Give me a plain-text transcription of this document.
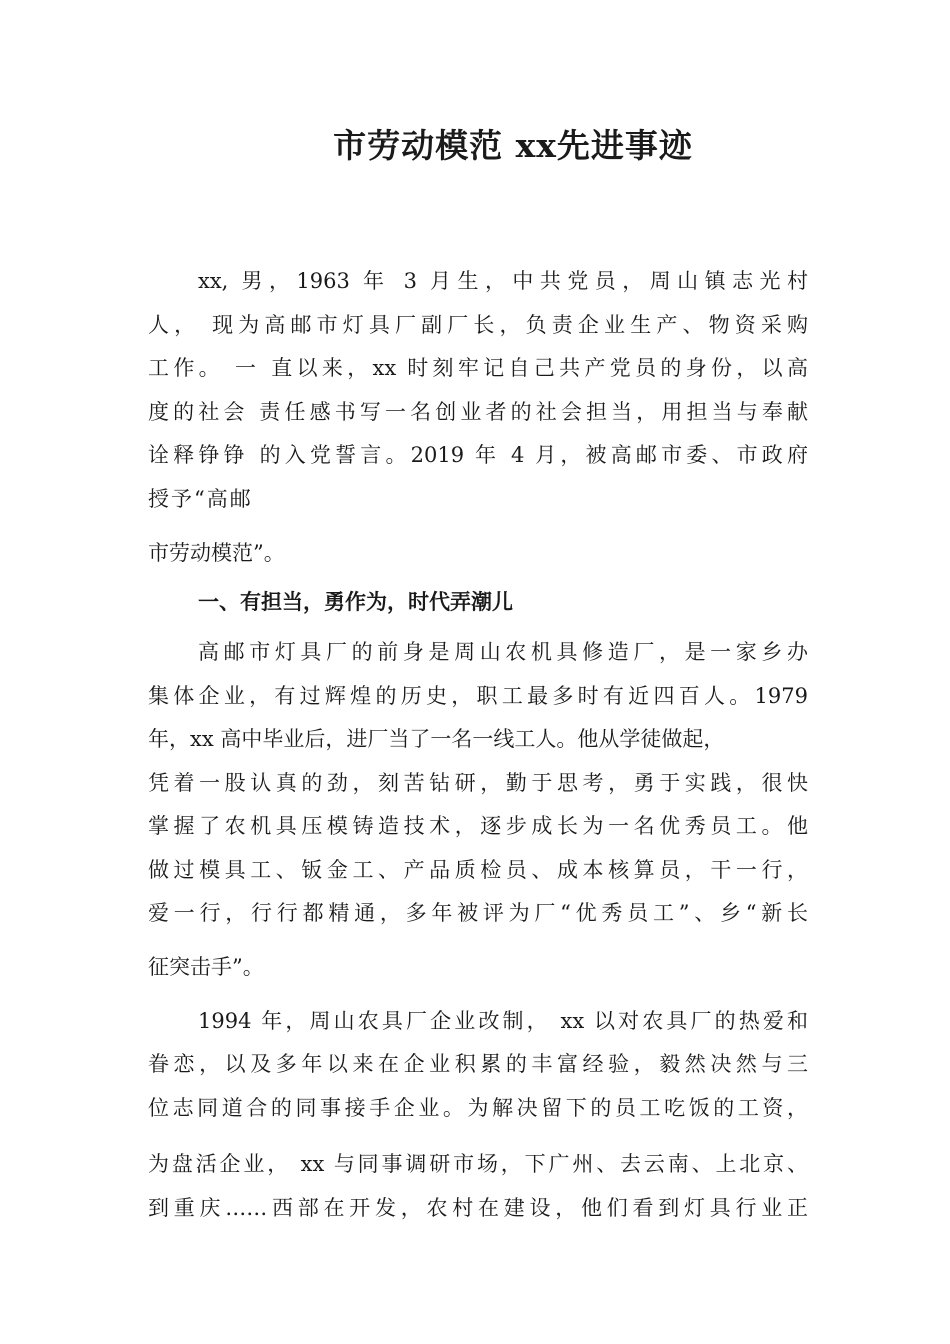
市劳动模范 xx先进事迹
xx, 男，1963 年 3 月生，中共党员，周山镇志光村
人， 现为高邮市灯具厂副厂长，负责企业生产、物资采购
工作。 一 直以来，xx 时刻牢记自己共产党员的身份，以高
度的社会 责任感书写一名创业者的社会担当，用担当与奉献
诠释铮铮 的入党誓言。2019 年 4 月，被高邮市委、市政府
授予“高邮
市劳动模范”。
一、有担当，勇作为，时代弄潮儿
高邮市灯具厂的前身是周山农机具修造厂，是一家乡办
集体企业，有过辉煌的历史，职工最多时有近四百人。1979
年，xx 高中毕业后，进厂当了一名一线工人。他从学徒做起，
凭着一股认真的劲，刻苦钻研，勤于思考，勇于实践，很快
掌握了农机具压模铸造技术，逐步成长为一名优秀员工。他
做过模具工、钣金工、产品质检员、成本核算员，干一行，
爱一行，行行都精通，多年被评为厂“优秀员工”、乡“新长
征突击手”。
1994 年，周山农具厂企业改制， xx 以对农具厂的热爱和
眷恋，以及多年以来在企业积累的丰富经验，毅然决然与三
位志同道合的同事接手企业。为解决留下的员工吃饭的工资，
为盘活企业， xx 与同事调研市场，下广州、去云南、上北京、
到重庆……西部在开发，农村在建设，他们看到灯具行业正
